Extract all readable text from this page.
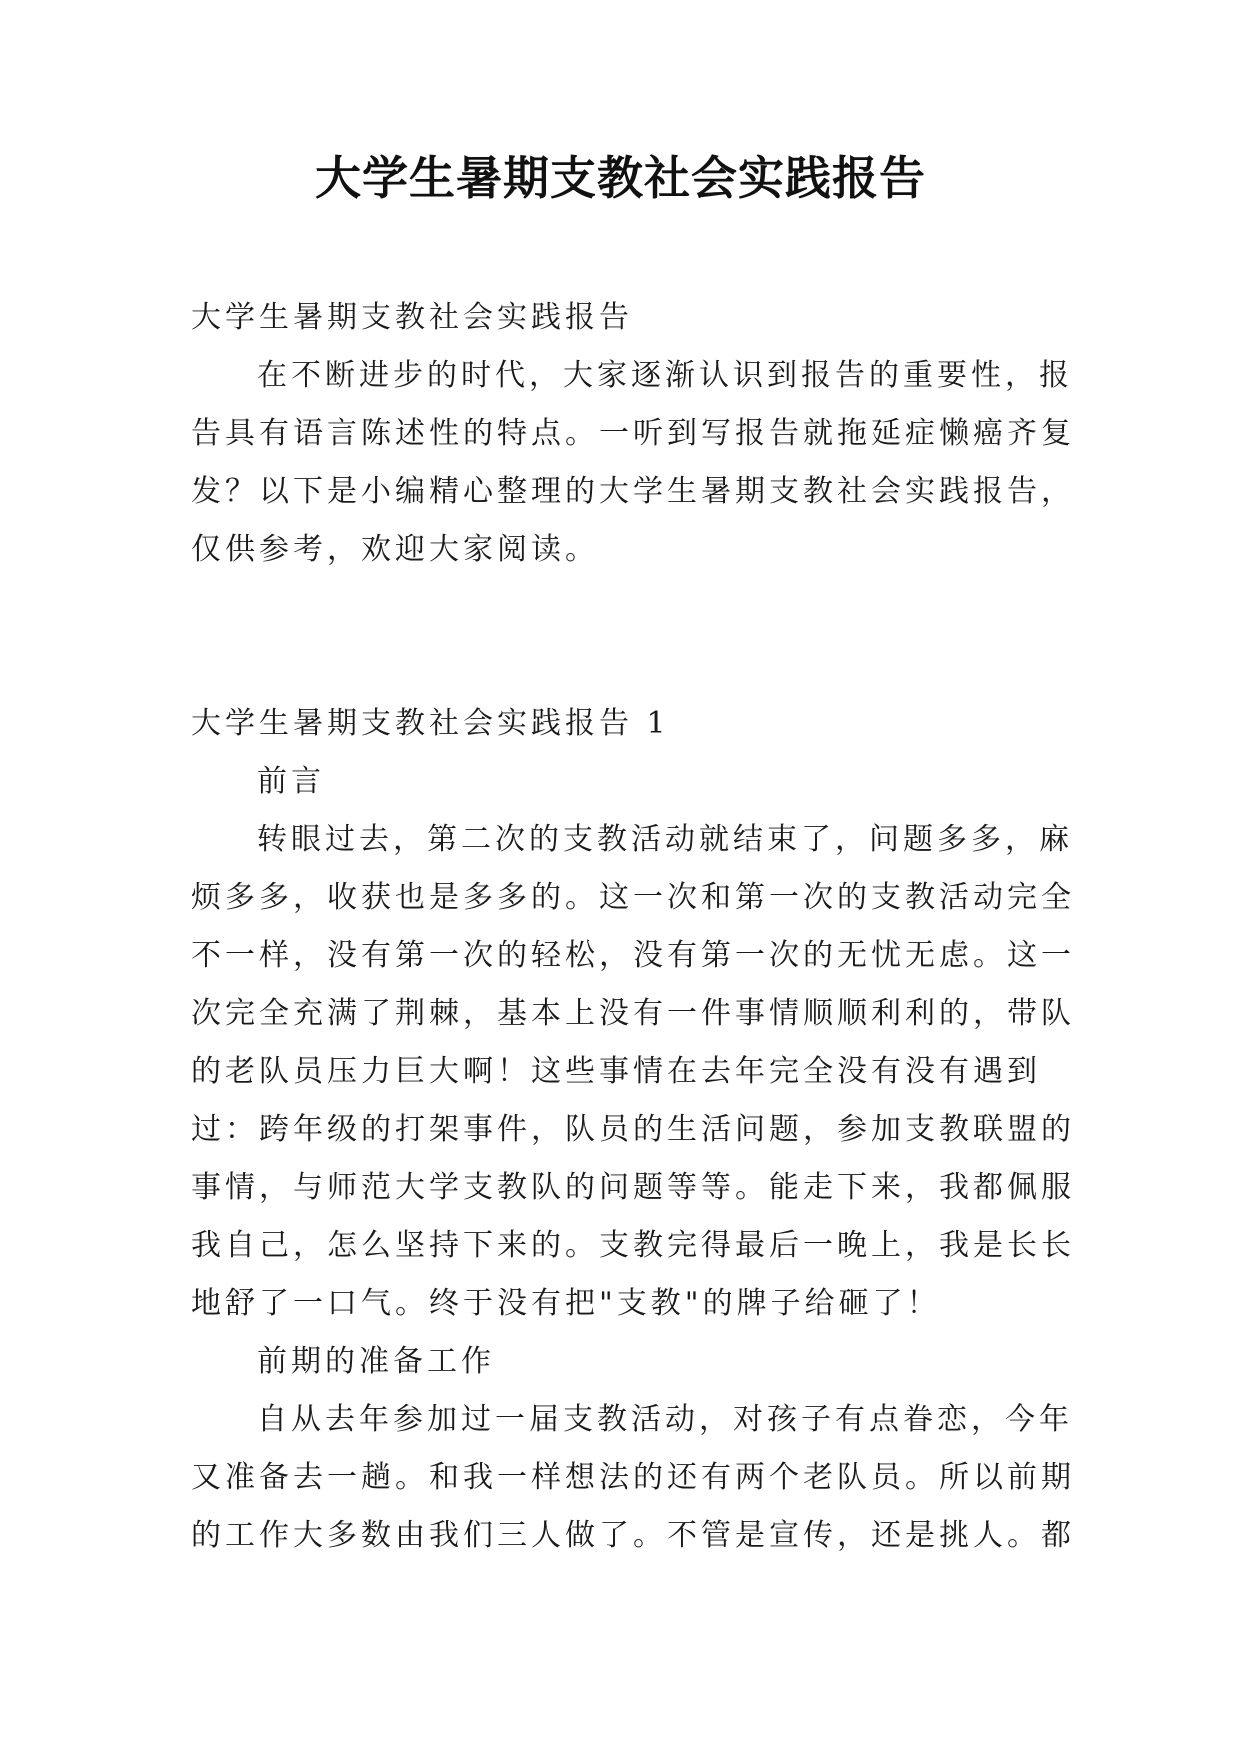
大学生暑期支教社会实践报告
大学生暑期支教社会实践报告
在不断进步的时代，大家逐渐认识到报告的重要性，报
告具有语言陈述性的特点。一听到写报告就拖延症懒癌齐复
发？以下是小编精心整理的大学生暑期支教社会实践报告，
仅供参考，欢迎大家阅读。
大学生暑期支教社会实践报告 1
前言
转眼过去，第二次的支教活动就结束了，问题多多，麻
烦多多，收获也是多多的。这一次和第一次的支教活动完全
不一样，没有第一次的轻松，没有第一次的无忧无虑。这一
次完全充满了荆棘，基本上没有一件事情顺顺利利的，带队
的老队员压力巨大啊！这些事情在去年完全没有没有遇到
过：跨年级的打架事件，队员的生活问题，参加支教联盟的
事情，与师范大学支教队的问题等等。能走下来，我都佩服
我自己，怎么坚持下来的。支教完得最后一晚上，我是长长
地舒了一口气。终于没有把"支教"的牌子给砸了！
前期的准备工作
自从去年参加过一届支教活动，对孩子有点眷恋，今年
又准备去一趟。和我一样想法的还有两个老队员。所以前期
的工作大多数由我们三人做了。不管是宣传，还是挑人。都
